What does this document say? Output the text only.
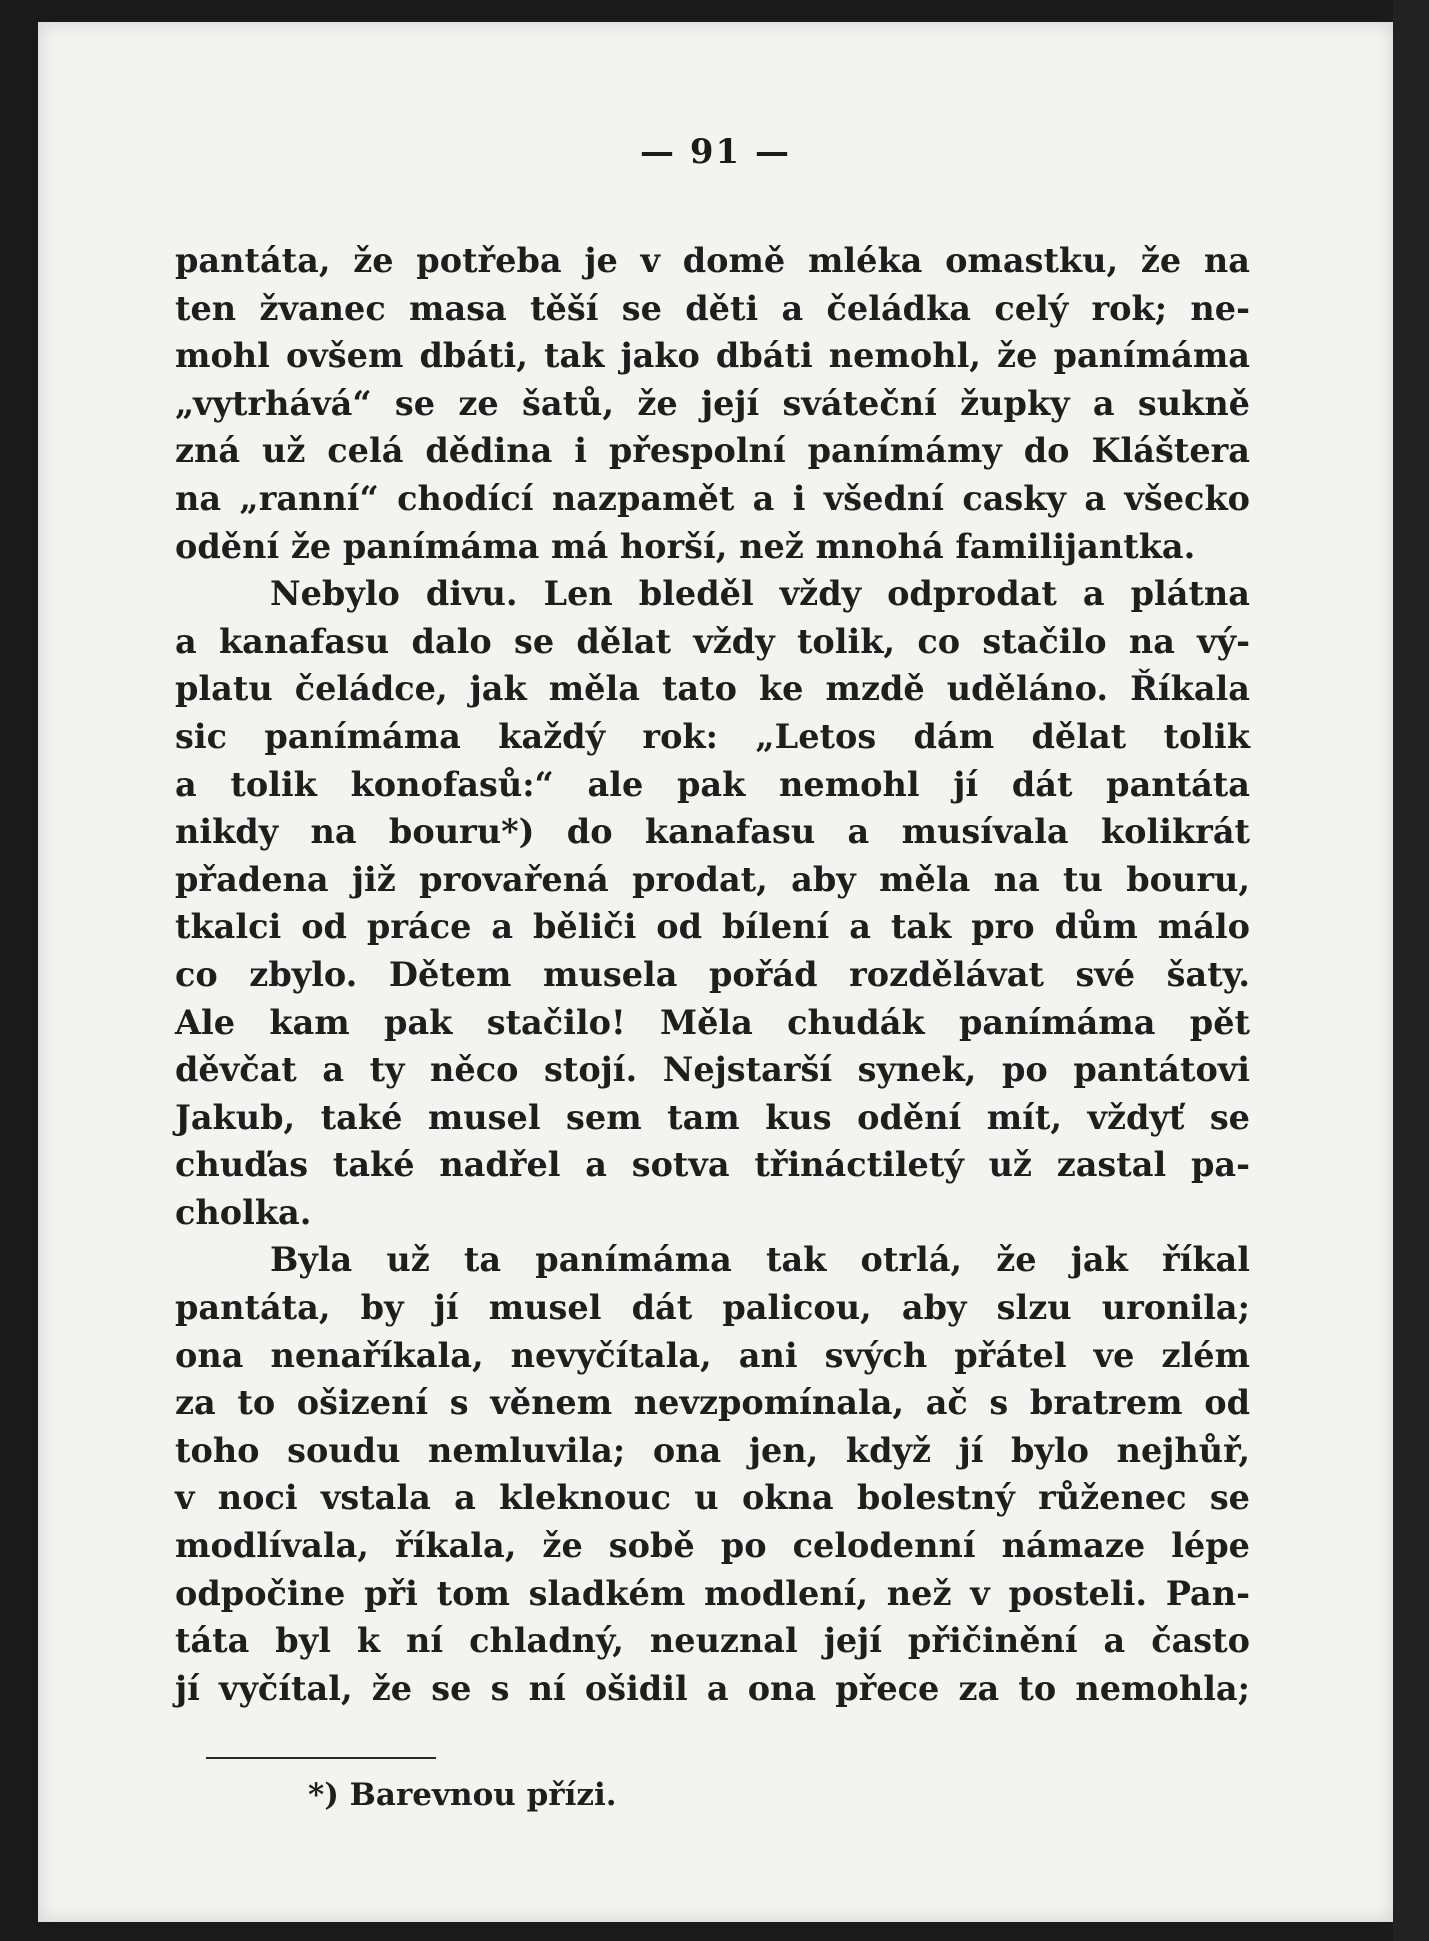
— 91 —
pantáta, že potřeba je v domě mléka omastku, že na
ten žvanec masa těší se děti a čeládka celý rok; ne-
mohl ovšem dbáti, tak jako dbáti nemohl, že panímáma
„vytrhává“ se ze šatů, že její sváteční župky a sukně
zná už celá dědina i přespolní panímámy do Kláštera
na „ranní“ chodící nazpamět a i všední casky a všecko
odění že panímáma má horší, než mnohá familijantka.
Nebylo divu. Len bleděl vždy odprodat a plátna
a kanafasu dalo se dělat vždy tolik, co stačilo na vý-
platu čeládce, jak měla tato ke mzdě uděláno. Říkala
sic panímáma každý rok: „Letos dám dělat tolik
a tolik konofasů:“ ale pak nemohl jí dát pantáta
nikdy na bouru*) do kanafasu a musívala kolikrát
přadena již provařená prodat, aby měla na tu bouru,
tkalci od práce a běliči od bílení a tak pro dům málo
co zbylo. Dětem musela pořád rozdělávat své šaty.
Ale kam pak stačilo! Měla chudák panímáma pět
děvčat a ty něco stojí. Nejstarší synek, po pantátovi
Jakub, také musel sem tam kus odění mít, vždyť se
chuďas také nadřel a sotva třináctiletý už zastal pa-
cholka.
Byla už ta panímáma tak otrlá, že jak říkal
pantáta, by jí musel dát palicou, aby slzu uronila;
ona nenaříkala, nevyčítala, ani svých přátel ve zlém
za to ošizení s věnem nevzpomínala, ač s bratrem od
toho soudu nemluvila; ona jen, když jí bylo nejhůř,
v noci vstala a kleknouc u okna bolestný růženec se
modlívala, říkala, že sobě po celodenní námaze lépe
odpočine při tom sladkém modlení, než v posteli. Pan-
táta byl k ní chladný, neuznal její přičinění a často
jí vyčítal, že se s ní ošidil a ona přece za to nemohla;
*) Barevnou přízi.
